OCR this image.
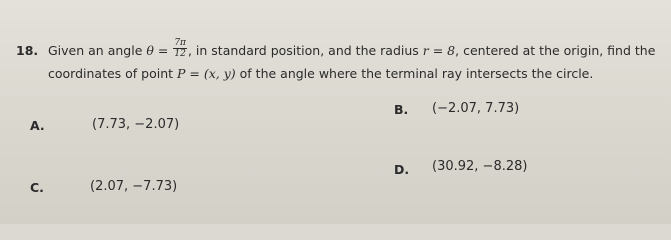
18. Given an angle $\theta = \frac{7\pi}{12}$ , in standard position, and the radius r = 8, centered at the origin, find the
coordinates of point P = (x, y) of the angle where the terminal ray intersects the circle.
A.	(7.73, −2.07)
B. (−2.07, 7.73)
C.	(2.07, −7.73)
D. (30.92, −8.28)
